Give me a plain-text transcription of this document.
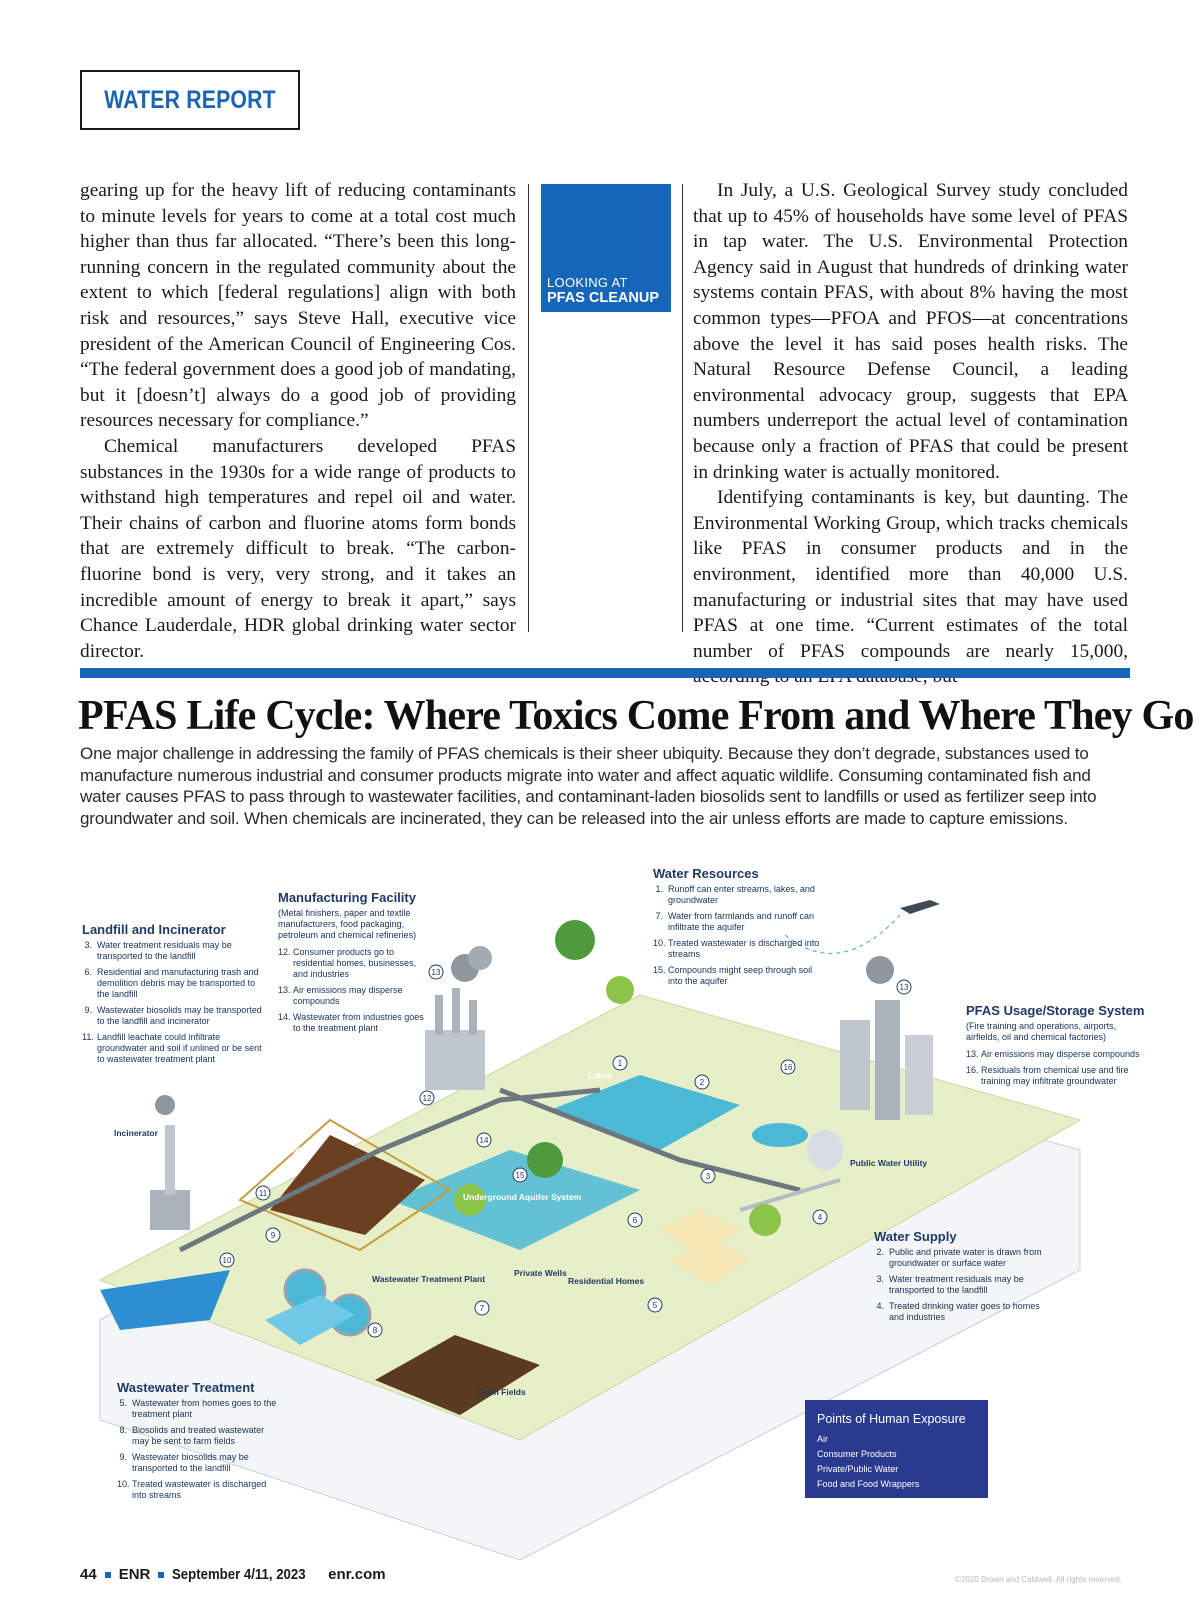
WATER REPORT

gearing up for the heavy lift of reducing contaminants to minute levels for years to come at a total cost much higher than thus far allocated. “There’s been this long-running concern in the regulated community about the extent to which [federal regulations] align with both risk and resources,” says Steve Hall, executive vice president of the American Council of Engineering Cos. “The federal government does a good job of mandating, but it [doesn’t] always do a good job of providing resources necessary for compliance.”

Chemical manufacturers developed PFAS substances in the 1930s for a wide range of products to withstand high temperatures and repel oil and water. Their chains of carbon and fluorine atoms form bonds that are extremely difficult to break. “The carbon-fluorine bond is very, very strong, and it takes an incredible amount of energy to break it apart,” says Chance Lauderdale, HDR global drinking water sector director.

LOOKING AT
PFAS CLEANUP

In July, a U.S. Geological Survey study concluded that up to 45% of households have some level of PFAS in tap water. The U.S. Environmental Protection Agency said in August that hundreds of drinking water systems contain PFAS, with about 8% having the most common types—PFOA and PFOS—at concentrations above the level it has said poses health risks. The Natural Resource Defense Council, a leading environmental advocacy group, suggests that EPA numbers underreport the actual level of contamination because only a fraction of PFAS that could be present in drinking water is actually monitored.

Identifying contaminants is key, but daunting. The Environmental Working Group, which tracks chemicals like PFAS in consumer products and in the environment, identified more than 40,000 U.S. manufacturing or industrial sites that may have used PFAS at one time. “Current estimates of the total number of PFAS compounds are nearly 15,000,

PFAS Life Cycle: Where Toxics Come From and Where They Go
One major challenge in addressing the family of PFAS chemicals is their sheer ubiquity. Because they don’t degrade, substances used to manufacture numerous industrial and consumer products migrate into water and affect aquatic wildlife. Consuming contaminated fish and water causes PFAS to pass through to wastewater facilities, and contaminant-laden biosolids sent to landfills or used as fertilizer seep into groundwater and soil. When chemicals are incinerated, they can be released into the air unless efforts are made to capture emissions.
Incinerator
Landfill
Lakes
Underground Aquifer System
Wastewater Treatment Plant
Private Wells
Residential Homes
Farm Fields
Public Water Utility
1
2
3
4
5
6
7
8
9
10
11
12
13
13
14
15
16
Landfill and Incinerator
3. Water treatment residuals may be transported to the landfill
6. Residential and manufacturing trash and demolition debris may be transported to the landfill
9. Wastewater biosolids may be transported to the landfill and incinerator
11. Landfill leachate could infiltrate groundwater and soil if unlined or be sent to wastewater treatment plant
Manufacturing Facility
(Metal finishers, paper and textile manufacturers, food packaging, petroleum and chemical refineries)
12. Consumer products go to residential homes, businesses, and industries
13. Air emissions may disperse compounds
14. Wastewater from industries goes to the treatment plant
Water Resources
1. Runoff can enter streams, lakes, and groundwater
7. Water from farmlands and runoff can infiltrate the aquifer
10. Treated wastewater is discharged into streams
15. Compounds might seep through soil into the aquifer
PFAS Usage/Storage System
(Fire training and operations, airports, airfields, oil and chemical factories)
13. Air emissions may disperse compounds
16. Residuals from chemical use and fire training may infiltrate groundwater
Water Supply
2. Public and private water is drawn from groundwater or surface water
3. Water treatment residuals may be transported to the landfill
4. Treated drinking water goes to homes and industries
Wastewater Treatment
5. Wastewater from homes goes to the treatment plant
8. Biosolids and treated wastewater may be sent to farm fields
9. Wastewater biosolids may be transported to the landfill
10. Treated wastewater is discharged into streams
Points of Human Exposure
Air
Consumer Products
Private/Public Water
Food and Food Wrappers
©2020 Brown and Caldwell. All rights reserved.
44 ENR September 4/11, 2023 enr.com
